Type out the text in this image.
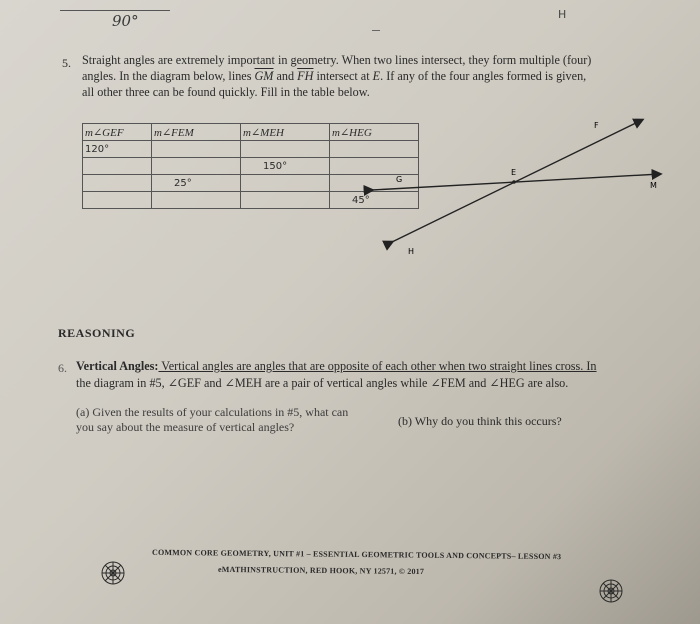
90°	H
5. Straight angles are extremely important in geometry. When two lines intersect, they form multiple (four)
angles. In the diagram below, lines $\overline{GM}$ and $\overline{FH}$ intersect at E. If any of the four angles formed is given,
all other three can be found quickly. Fill in the table below.
m∠GEF	m∠FEM	m∠MEH	m∠HEG
120°			
		150°	
	25°		
			45°
F
G
E
M
H
REASONING
6. Vertical Angles: Vertical angles are angles that are opposite of each other when two straight lines cross. In
the diagram in #5, ∠GEF and ∠MEH are a pair of vertical angles while ∠FEM and ∠HEG are also.
(a) Given the results of your calculations in #5, what can you say about the measure of vertical angles?	(b) Why do you think this occurs?
COMMON CORE GEOMETRY, UNIT #1 – ESSENTIAL GEOMETRIC TOOLS AND CONCEPTS– LESSON #3
eMATHINSTRUCTION, RED HOOK, NY 12571, © 2017
